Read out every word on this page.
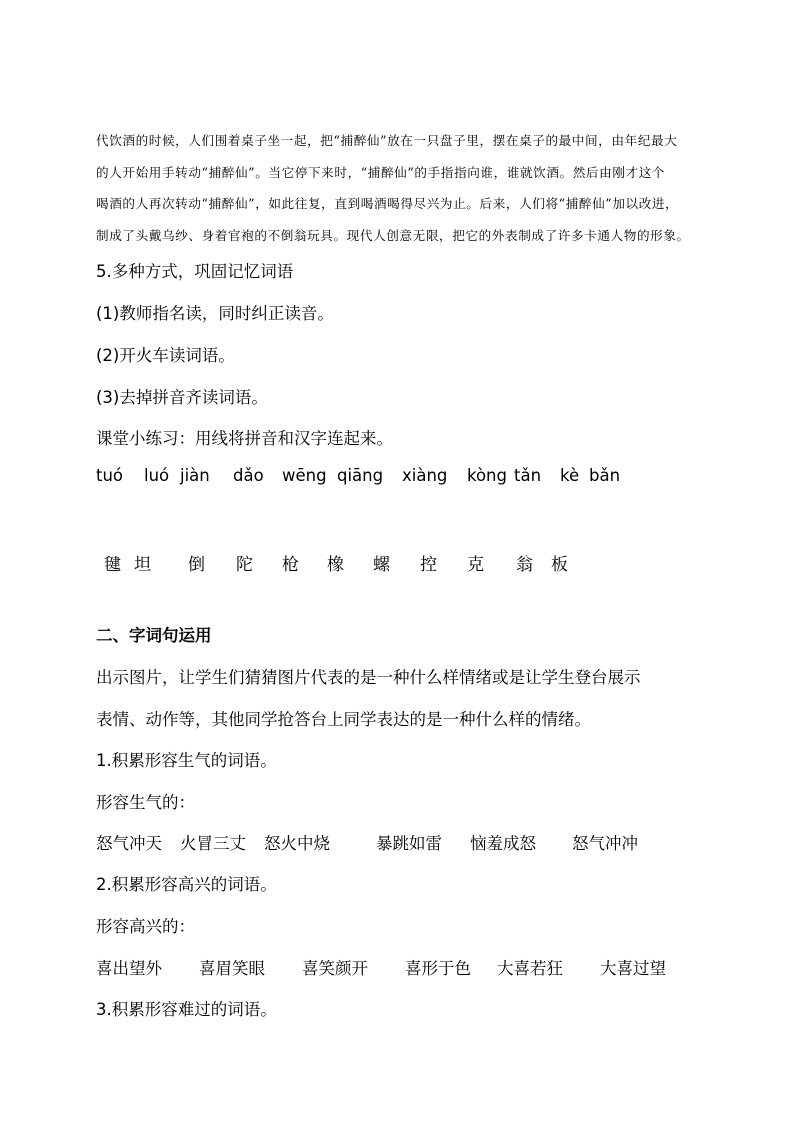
代饮酒的时候，人们围着桌子坐一起，把“捕醉仙”放在一只盘子里，摆在桌子的最中间，由年纪最大
的人开始用手转动“捕醉仙”。当它停下来时，“捕醉仙”的手指指向谁，谁就饮酒。然后由刚才这个
喝酒的人再次转动“捕醉仙”，如此往复，直到喝酒喝得尽兴为止。后来，人们将“捕醉仙”加以改进，
制成了头戴乌纱、身着官袍的不倒翁玩具。现代人创意无限，把它的外表制成了许多卡通人物的形象。
5.多种方式，巩固记忆词语
(1)教师指名读，同时纠正读音。
(2)开火车读词语。
(3)去掉拼音齐读词语。
课堂小练习：用线将拼音和汉字连起来。
tuó luó jiàn dǎo wēng qiāng xiàng kòng tǎn kè bǎn
毽 坦 倒 陀 枪 橡 螺 控 克 翁 板
二、字词句运用
出示图片，让学生们猜猜图片代表的是一种什么样情绪或是让学生登台展示
表情、动作等，其他同学抢答台上同学表达的是一种什么样的情绪。
1.积累形容生气的词语。
形容生气的：
怒气冲天 火冒三丈 怒火中烧	暴跳如雷 恼羞成怒 怒气冲冲
2.积累形容高兴的词语。
形容高兴的：
喜出望外 喜眉笑眼 喜笑颜开 喜形于色 大喜若狂 大喜过望
3.积累形容难过的词语。
